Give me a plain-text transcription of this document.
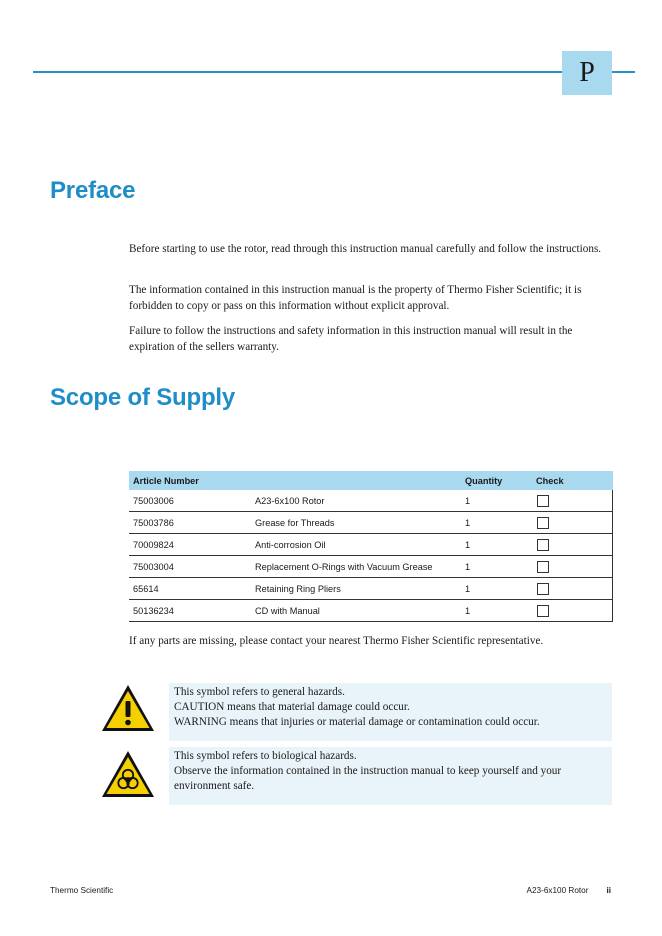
P
Preface

Before starting to use the rotor, read through this instruction manual carefully and follow the instructions.

The information contained in this instruction manual is the property of Thermo Fisher Scientific; it is forbidden to copy or pass on this information without explicit approval.

Failure to follow the instructions and safety information in this instruction manual will result in the expiration of the sellers warranty.

Scope of Supply
Article Number		Quantity	Check
75003006	A23-6x100 Rotor	1	
75003786	Grease for Threads	1	
70009824	Anti-corrosion Oil	1	
75003004	Replacement O-Rings with Vacuum Grease	1	
65614	Retaining Ring Pliers	1	
50136234	CD with Manual	1	

If any parts are missing, please contact your nearest Thermo Fisher Scientific representative.

This symbol refers to general hazards.
CAUTION means that material damage could occur.
WARNING means that injuries or material damage or contamination could occur.
This symbol refers to biological hazards.
Observe the information contained in the instruction manual to keep yourself and your environment safe.
Thermo Scientific	A23-6x100 Rotor ii
